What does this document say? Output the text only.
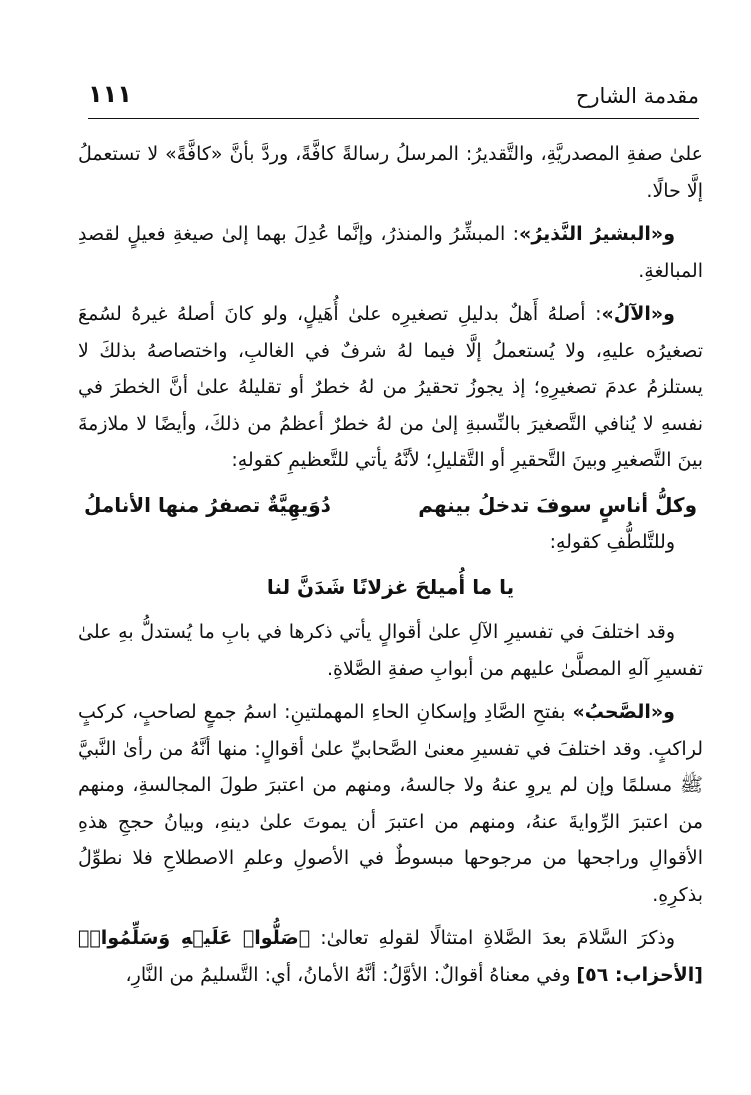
مقدمة الشارح
١١١

علىٰ صفةِ المصدريَّةِ، والتَّقديرُ: المرسلُ رسالةً كافَّةً، وردَّ بأنَّ «كافَّةً» لا تستعملُ إلَّا حالًا.

و«البشيرُ النَّذيرُ»: المبشِّرُ والمنذرُ، وإنَّما عُدِلَ بهما إلىٰ صيغةِ فعيلٍ لقصدِ المبالغةِ.

و«الآلُ»: أصلهُ أَهلٌ بدليلِ تصغيرِه علىٰ أُهَيلٍ، ولو كانَ أصلهُ غيرهُ لسُمعَ تصغيرُه عليهِ، ولا يُستعملُ إلَّا فيما لهُ شرفٌ في الغالبِ، واختصاصهُ بذلكَ لا يستلزمُ عدمَ تصغيرِهِ؛ إذ يجوزُ تحقيرُ من لهُ خطرٌ أو تقليلهُ علىٰ أنَّ الخطرَ في نفسهِ لا يُنافي التَّصغيرَ بالنِّسبةِ إلىٰ من لهُ خطرٌ أعظمُ من ذلكَ، وأيضًا لا ملازمةَ بينَ التَّصغيرِ وبينَ التَّحقيرِ أو التَّقليلِ؛ لأنَّهُ يأتي للتَّعظيمِ كقولهِ:

وكلُّ أناسٍ سوفَ تدخلُ بينهم
دُوَيهِيَّةٌ تصفرُ منها الأناملُ

وللتَّلطُّفِ كقولهِ:

يا ما أُميلحَ غزلانًا شَدَنَّ لنا

وقد اختلفَ في تفسيرِ الآلِ علىٰ أقوالٍ يأتي ذكرها في بابِ ما يُستدلُّ بهِ علىٰ تفسيرِ آلهِ المصلَّىٰ عليهم من أبوابِ صفةِ الصَّلاةِ.

و«الصَّحبُ» بفتحِ الصَّادِ وإسكانِ الحاءِ المهملتينِ: اسمُ جمعٍ لصاحبٍ، كركبٍ لراكبٍ. وقد اختلفَ في تفسيرِ معنىٰ الصَّحابيِّ علىٰ أقوالٍ: منها أنَّهُ من رأىٰ النَّبيَّ ﷺ مسلمًا وإن لم يروِ عنهُ ولا جالسهُ، ومنهم من اعتبرَ طولَ المجالسةِ، ومنهم من اعتبرَ الرِّوايةَ عنهُ، ومنهم من اعتبرَ أن يموتَ علىٰ دينهِ، وبيانُ حججِ هذهِ الأقوالِ وراجحها من مرجوحها مبسوطٌ في الأصولِ وعلمِ الاصطلاحِ فلا نطوِّلُ بذكرِهِ.

وذكرَ السَّلامَ بعدَ الصَّلاةِ امتثالًا لقولهِ تعالىٰ: ﴿صَلُّوا۟ عَلَيۡهِ وَسَلِّمُوا۟﴾ [الأحزاب: ٥٦] وفي معناهُ أقوالٌ: الأوَّلُ: أنَّهُ الأمانُ، أي: التَّسليمُ من النَّارِ،
